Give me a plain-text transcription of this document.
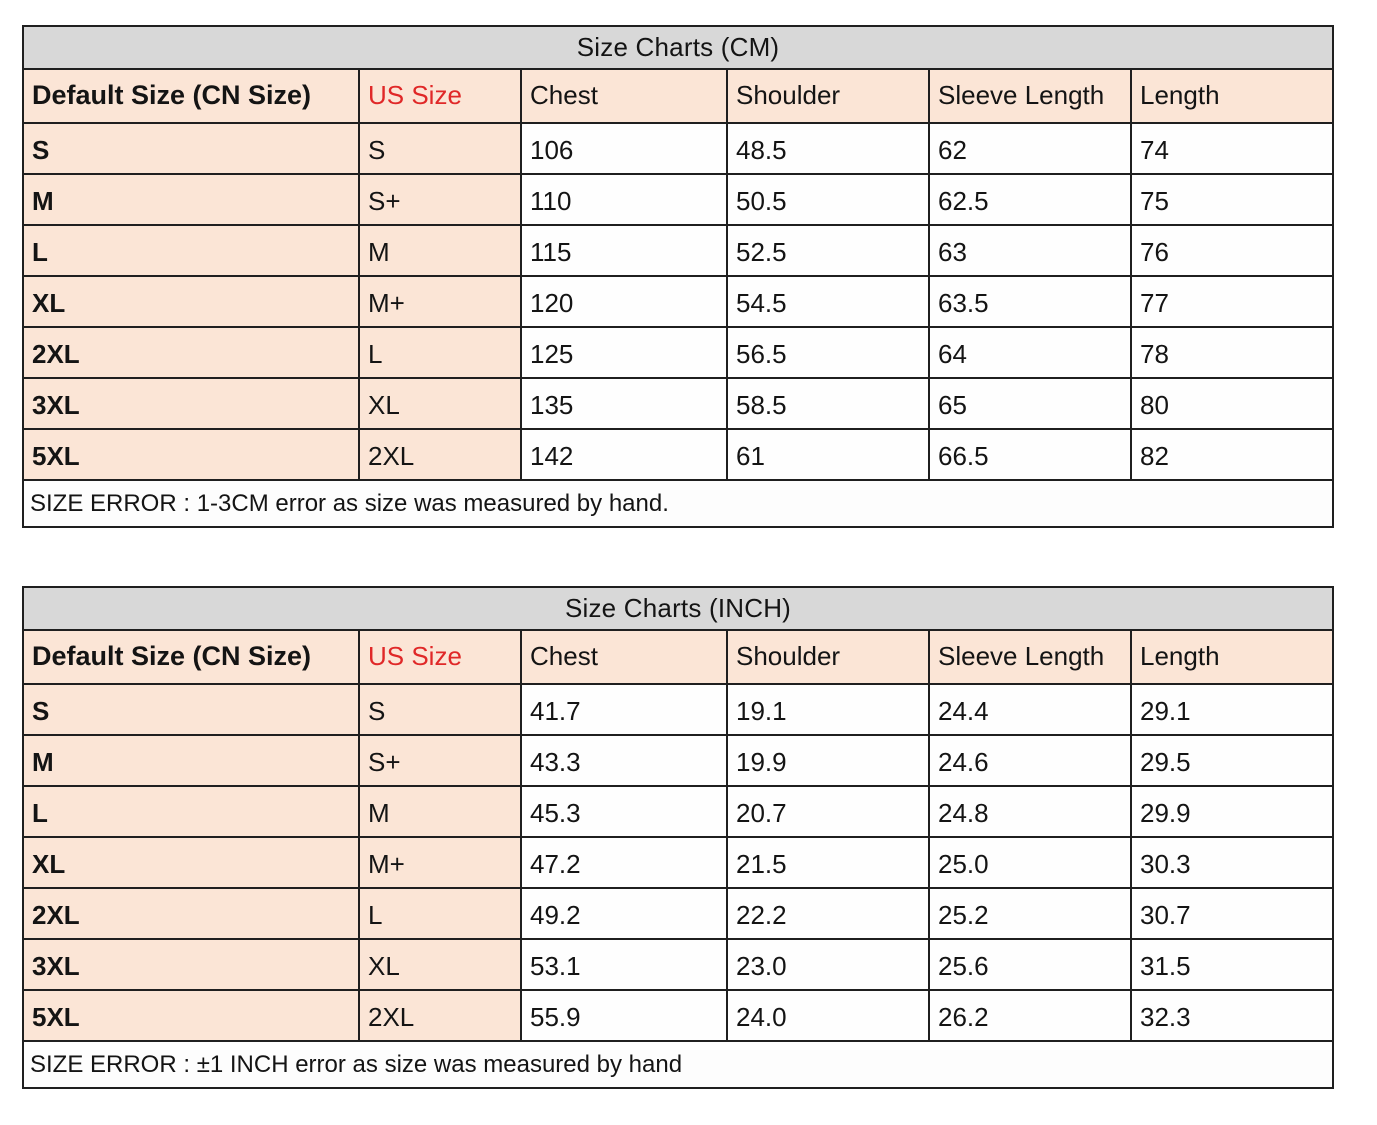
Size Charts (CM)					
Default Size (CN Size)	US Size	Chest	Shoulder	Sleeve Length	Length
S	S	106	48.5	62	74
M	S+	110	50.5	62.5	75
L	M	115	52.5	63	76
XL	M+	120	54.5	63.5	77
2XL	L	125	56.5	64	78
3XL	XL	135	58.5	65	80
5XL	2XL	142	61	66.5	82
SIZE ERROR : 1-3CM error as size was measured by hand.					
Size Charts (INCH)					
Default Size (CN Size)	US Size	Chest	Shoulder	Sleeve Length	Length
S	S	41.7	19.1	24.4	29.1
M	S+	43.3	19.9	24.6	29.5
L	M	45.3	20.7	24.8	29.9
XL	M+	47.2	21.5	25.0	30.3
2XL	L	49.2	22.2	25.2	30.7
3XL	XL	53.1	23.0	25.6	31.5
5XL	2XL	55.9	24.0	26.2	32.3
SIZE ERROR : ±1 INCH error as size was measured by hand					
